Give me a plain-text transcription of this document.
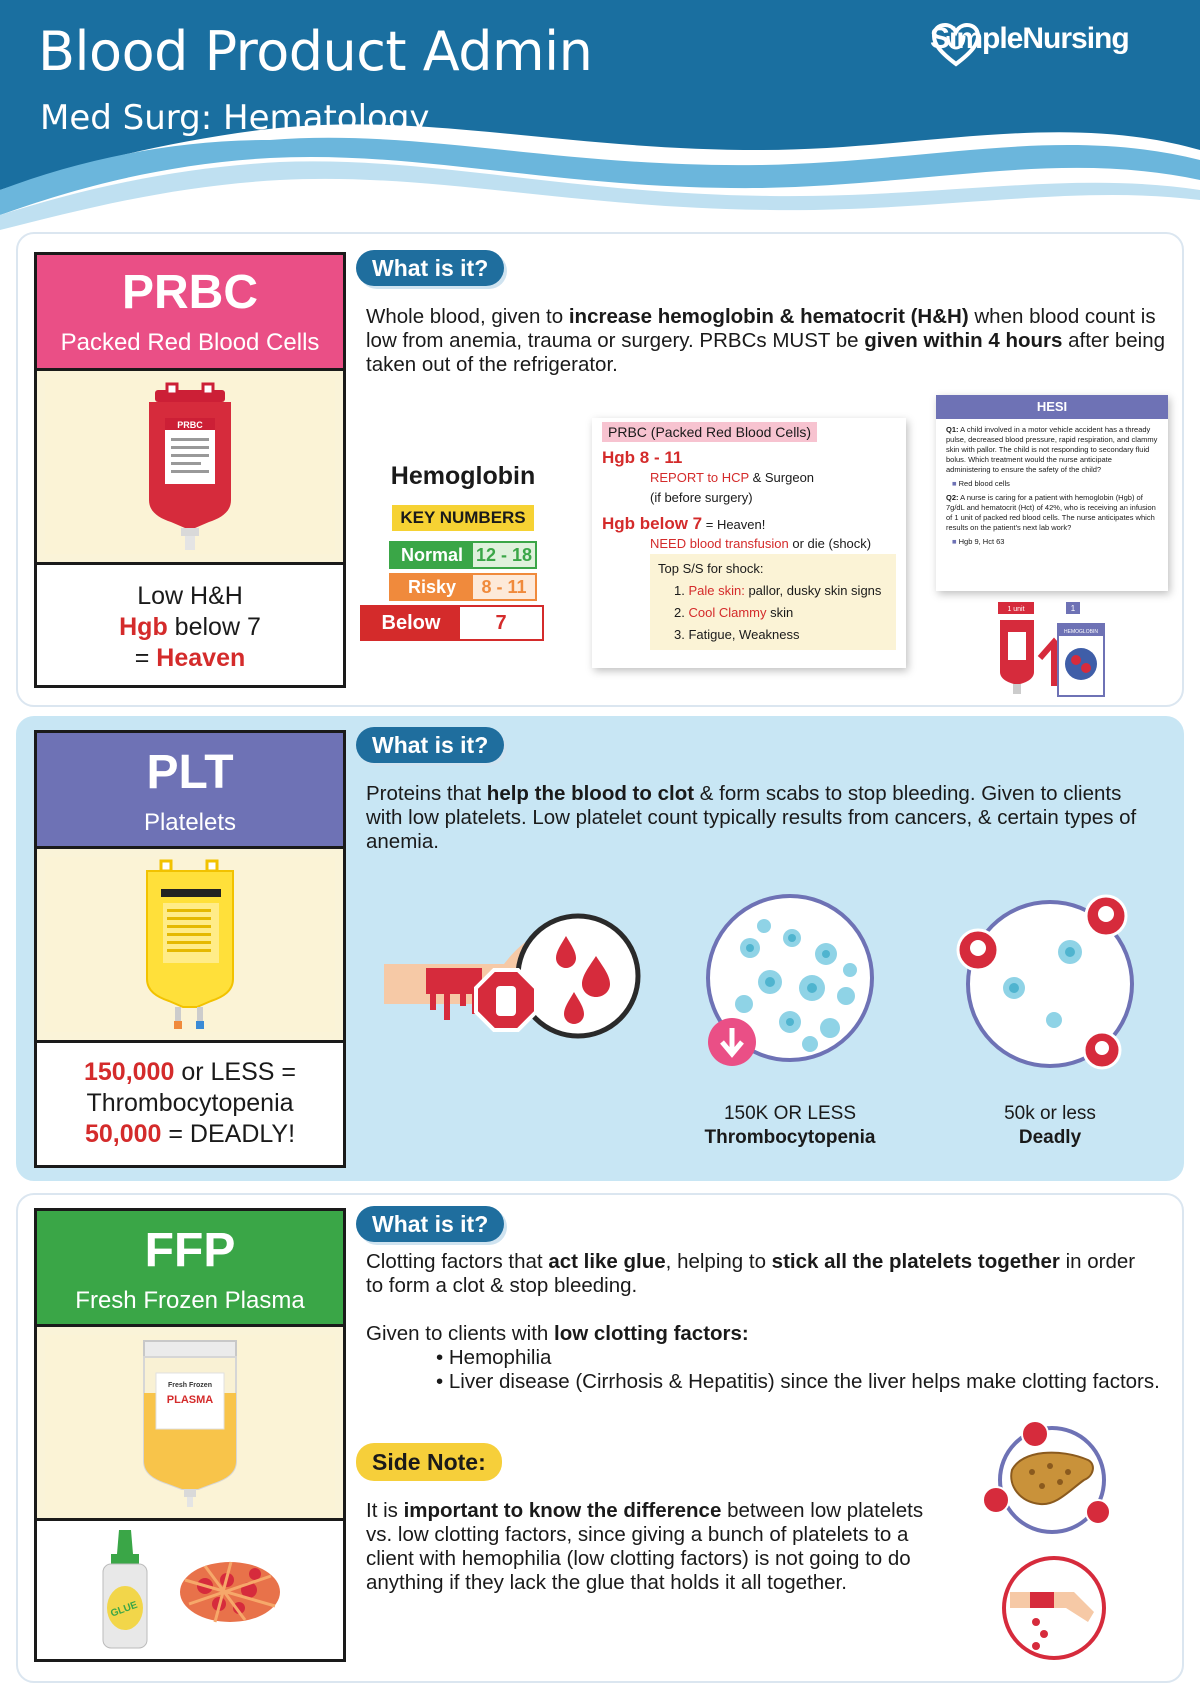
Blood Product Admin
Med Surg: Hematology
SimpleNursing
PRBC
Packed Red Blood Cells
PRBC
Low H&H
Hgb below 7
= Heaven
What is it?
Whole blood, given to increase hemoglobin & hematocrit (H&H) when blood count is low from anemia, trauma or surgery. PRBCs MUST be given within 4 hours after being taken out of the refrigerator.
Hemoglobin
KEY NUMBERS
Normal 12 - 18
Risky	8 - 11
Below	7
PRBC (Packed Red Blood Cells)
Hgb 8 - 11
REPORT to HCP & Surgeon
(if before surgery)
Hgb below 7 = Heaven!
NEED blood transfusion or die (shock)
Top S/S for shock:
1. Pale skin: pallor, dusky skin signs
2. Cool Clammy skin
3. Fatigue, Weakness
HESI

Q1: A child involved in a motor vehicle accident has a thready pulse, decreased blood pressure, rapid respiration, and clammy skin with pallor. The child is not responding to secondary fluid bolus. Which treatment would the nurse anticipate administering to ensure the safety of the child?

■ Red blood cells

Q2: A nurse is caring for a patient with hemoglobin (Hgb) of 7g/dL and hematocrit (Hct) of 42%, who is receiving an infusion of 1 unit of packed red blood cells. The nurse anticipates which results on the patient's next lab work?

■ Hgb 9, Hct 63

1 unit	1
HEMOGLOBIN
PLT
Platelets
150,000 or LESS =
Thrombocytopenia
50,000 = DEADLY!
What is it?
Proteins that help the blood to clot & form scabs to stop bleeding. Given to clients with low platelets. Low platelet count typically results from cancers, & certain types of anemia.
150K OR LESS
Thrombocytopenia
50k or less
Deadly
FFP
Fresh Frozen Plasma
Fresh Frozen
PLASMA
GLUE
What is it?
Clotting factors that act like glue, helping to stick all the platelets together in order to form a clot & stop bleeding.
Given to clients with low clotting factors:
• Hemophilia
• Liver disease (Cirrhosis & Hepatitis) since the liver helps make clotting factors.
Side Note:
It is important to know the difference between low platelets vs. low clotting factors, since giving a bunch of platelets to a client with hemophilia (low clotting factors) is not going to do anything if they lack the glue that holds it all together.
